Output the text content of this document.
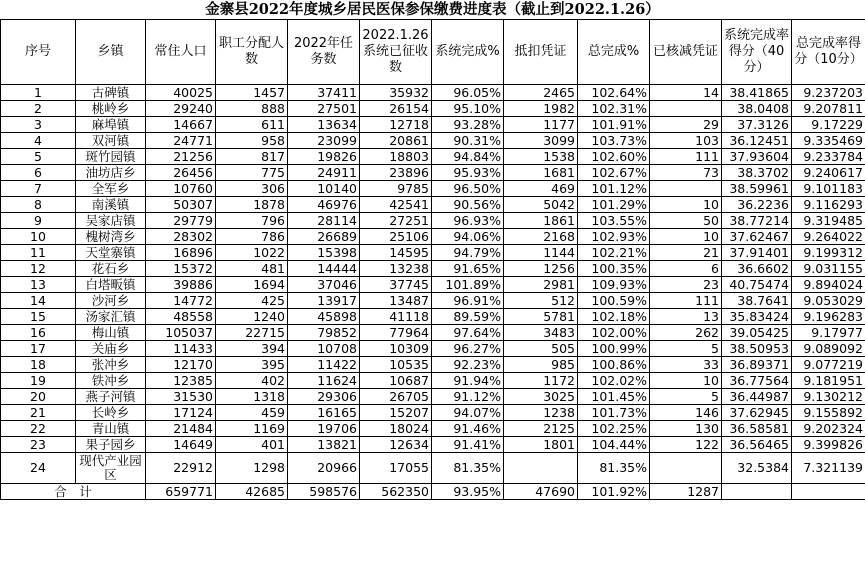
金寨县2022年度城乡居民医保参保缴费进度表（截止到2022.1.26）
序号	乡镇	常住人口	职工分配人数	2022年任务数	2022.1.26系统已征收数	系统完成%	抵扣凭证	总完成%	已核减凭证	系统完成率得分（40分）	总完成率得分（10分）
1	古碑镇	40025	1457	37411	35932	96.05%	2465	102.64%	14	38.41865	9.237203
2	桃岭乡	29240	888	27501	26154	95.10%	1982	102.31%		38.0408	9.207811
3	麻埠镇	14667	611	13634	12718	93.28%	1177	101.91%	29	37.3126	9.17229
4	双河镇	24771	958	23099	20861	90.31%	3099	103.73%	103	36.12451	9.335469
5	斑竹园镇	21256	817	19826	18803	94.84%	1538	102.60%	111	37.93604	9.233784
6	油坊店乡	26456	775	24911	23896	95.93%	1681	102.67%	73	38.3702	9.240617
7	全军乡	10760	306	10140	9785	96.50%	469	101.12%		38.59961	9.101183
8	南溪镇	50307	1878	46976	42541	90.56%	5042	101.29%	10	36.2236	9.116293
9	吴家店镇	29779	796	28114	27251	96.93%	1861	103.55%	50	38.77214	9.319485
10	槐树湾乡	28302	786	26689	25106	94.06%	2168	102.93%	10	37.62467	9.264022
11	天堂寨镇	16896	1022	15398	14595	94.79%	1144	102.21%	21	37.91401	9.199312
12	花石乡	15372	481	14444	13238	91.65%	1256	100.35%	6	36.6602	9.031155
13	白塔畈镇	39886	1694	37046	37745	101.89%	2981	109.93%	23	40.75474	9.894024
14	沙河乡	14772	425	13917	13487	96.91%	512	100.59%	111	38.7641	9.053029
15	汤家汇镇	48558	1240	45898	41118	89.59%	5781	102.18%	13	35.83424	9.196283
16	梅山镇	105037	22715	79852	77964	97.64%	3483	102.00%	262	39.05425	9.17977
17	关庙乡	11433	394	10708	10309	96.27%	505	100.99%	5	38.50953	9.089092
18	张冲乡	12170	395	11422	10535	92.23%	985	100.86%	33	36.89371	9.077219
19	铁冲乡	12385	402	11624	10687	91.94%	1172	102.02%	10	36.77564	9.181951
20	燕子河镇	31530	1318	29306	26705	91.12%	3025	101.45%	5	36.44987	9.130212
21	长岭乡	17124	459	16165	15207	94.07%	1238	101.73%	146	37.62945	9.155892
22	青山镇	21484	1169	19706	18024	91.46%	2125	102.25%	130	36.58581	9.202324
23	果子园乡	14649	401	13821	12634	91.41%	1801	104.44%	122	36.56465	9.399826
24	现代产业园区	22912	1298	20966	17055	81.35%		81.35%		32.5384	7.321139
合　计		659771	42685	598576	562350	93.95%	47690	101.92%	1287		
